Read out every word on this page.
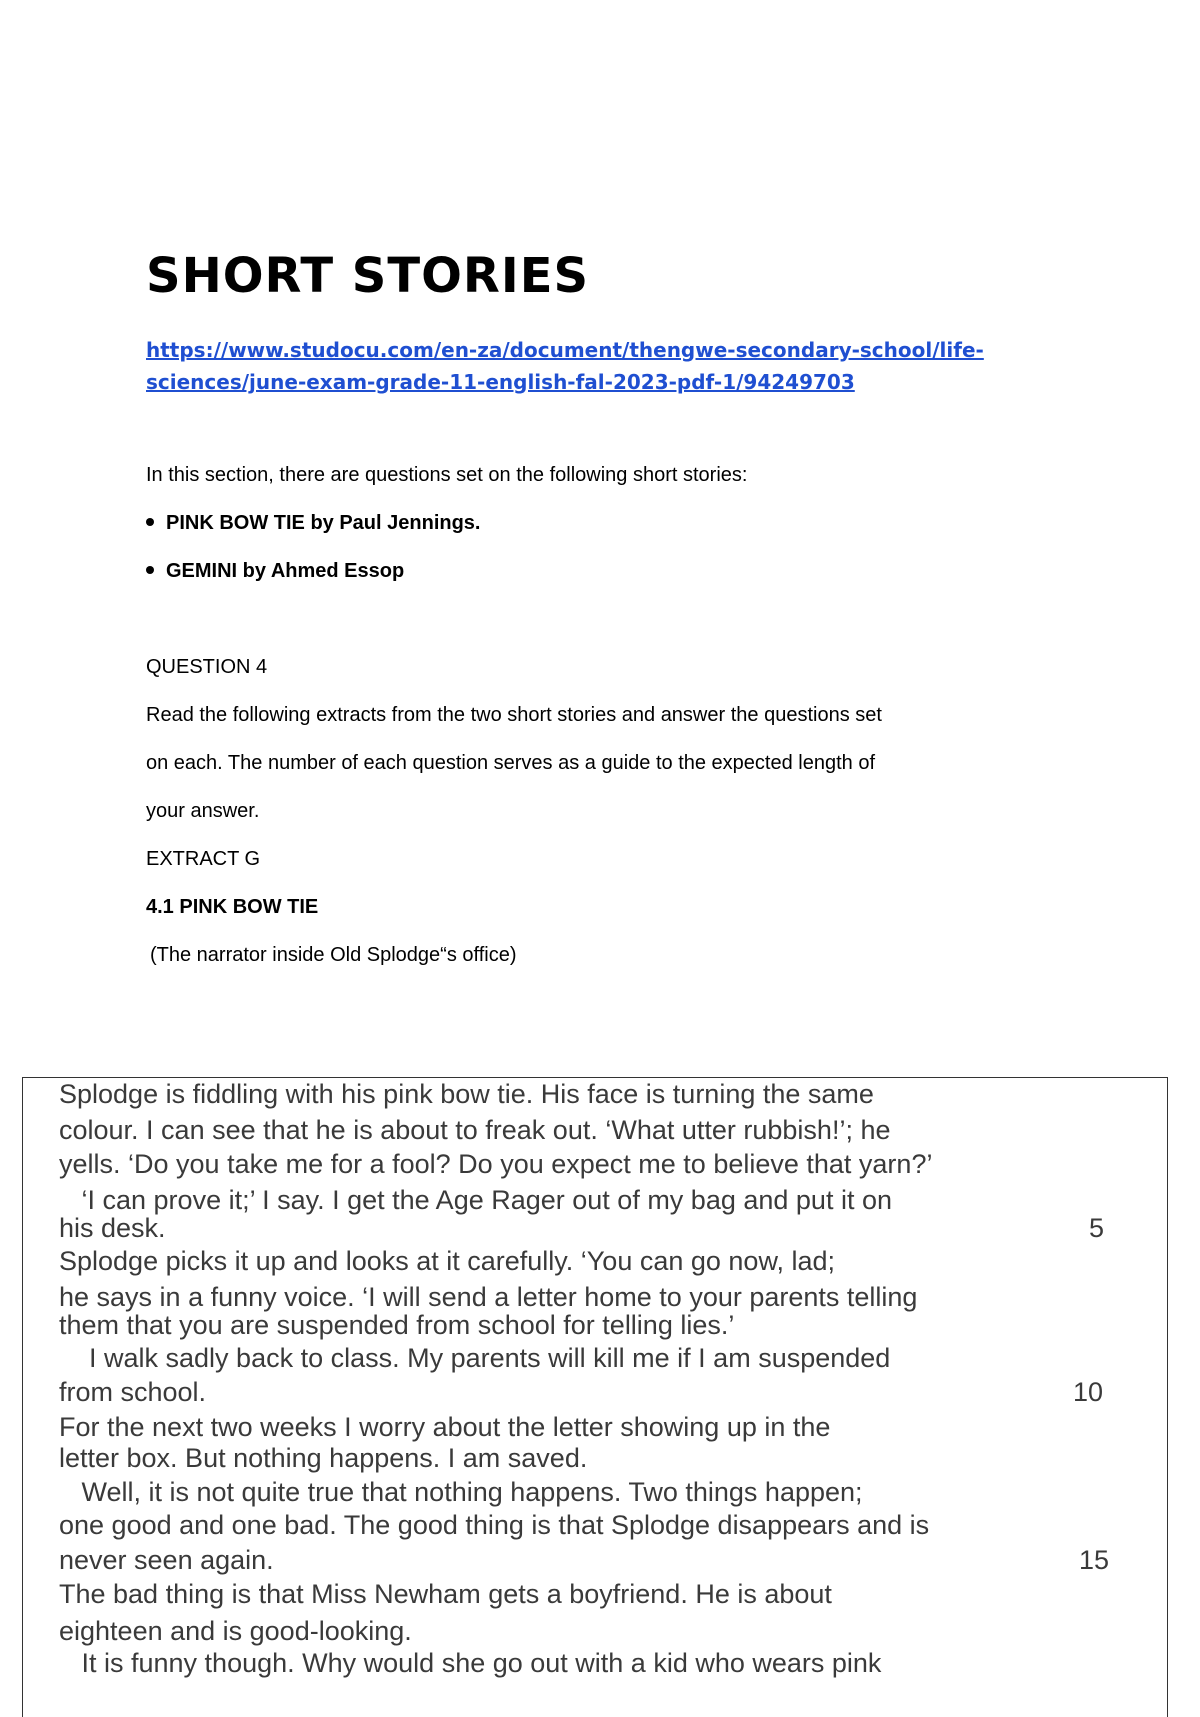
SHORT STORIES
https://www.studocu.com/en-za/document/thengwe-secondary-school/life-
sciences/june-exam-grade-11-english-fal-2023-pdf-1/94249703

In this section, there are questions set on the following short stories:

PINK BOW TIE by Paul Jennings.
GEMINI by Ahmed Essop

QUESTION 4

Read the following extracts from the two short stories and answer the questions set

on each. The number of each question serves as a guide to the expected length of

your answer.

EXTRACT G

4.1 PINK BOW TIE

(The narrator inside Old Splodge“s office)

Splodge is fiddling with his pink bow tie. His face is turning the same
colour. I can see that he is about to freak out. ‘What utter rubbish!’; he
yells. ‘Do you take me for a fool? Do you expect me to believe that yarn?’
‘I can prove it;’ I say. I get the Age Rager out of my bag and put it on
his desk.	5
Splodge picks it up and looks at it carefully. ‘You can go now, lad;
he says in a funny voice. ‘I will send a letter home to your parents telling
them that you are suspended from school for telling lies.’
I walk sadly back to class. My parents will kill me if I am suspended
from school.	10
For the next two weeks I worry about the letter showing up in the
letter box. But nothing happens. I am saved.
Well, it is not quite true that nothing happens. Two things happen;
one good and one bad. The good thing is that Splodge disappears and is
never seen again.	15
The bad thing is that Miss Newham gets a boyfriend. He is about
eighteen and is good-looking.
It is funny though. Why would she go out with a kid who wears pink
